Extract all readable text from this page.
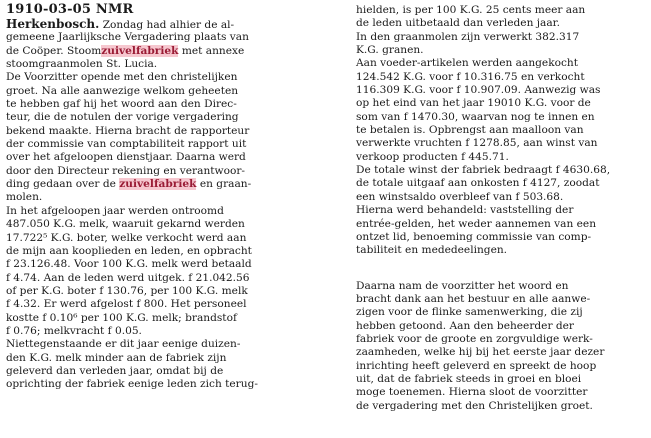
1910-03-05 NMR
Herkenbosch. Zondag had alhier de al-
gemeene Jaarlijksche Vergadering plaats van
de Coöper. Stoomzuivelfabriek met annexe
stoomgraanmolen St. Lucia.
De Voorzitter opende met den christelijken
groet. Na alle aanwezige welkom geheeten
te hebben gaf hij het woord aan den Direc-
teur, die de notulen der vorige vergadering
bekend maakte. Hierna bracht de rapporteur
der commissie van comptabiliteit rapport uit
over het afgeloopen dienstjaar. Daarna werd
door den Directeur rekening en verantwoor-
ding gedaan over de zuivelfabriek en graan-
molen.
In het afgeloopen jaar werden ontroomd
487.050 K.G. melk, waaruit gekarnd werden
17.722⁵ K.G. boter, welke verkocht werd aan
de mijn aan kooplieden en leden, en opbracht
f 23.126.48. Voor 100 K.G. melk werd betaald
f 4.74. Aan de leden werd uitgek. f 21.042.56
of per K.G. boter f 130.76, per 100 K.G. melk
f 4.32. Er werd afgelost f 800. Het personeel
kostte f 0.10⁶ per 100 K.G. melk; brandstof
f 0.76; melkvracht f 0.05.
Niettegenstaande er dit jaar eenige duizen-
den K.G. melk minder aan de fabriek zijn
geleverd dan verleden jaar, omdat bij de
oprichting der fabriek eenige leden zich terug-
hielden, is per 100 K.G. 25 cents meer aan
de leden uitbetaald dan verleden jaar.
In den graanmolen zijn verwerkt 382.317
K.G. granen.
Aan voeder-artikelen werden aangekocht
124.542 K.G. voor f 10.316.75 en verkocht
116.309 K.G. voor f 10.907.09. Aanwezig was
op het eind van het jaar 19010 K.G. voor de
som van f 1470.30, waarvan nog te innen en
te betalen is. Opbrengst aan maalloon van
verwerkte vruchten f 1278.85, aan winst van
verkoop producten f 445.71.
De totale winst der fabriek bedraagt f 4630.68,
de totale uitgaaf aan onkosten f 4127, zoodat
een winstsaldo overbleef van f 503.68.
Hierna werd behandeld: vaststelling der
entrée-gelden, het weder aannemen van een
ontzet lid, benoeming commissie van comp-
tabiliteit en mededeelingen.
Daarna nam de voorzitter het woord en
bracht dank aan het bestuur en alle aanwe-
zigen voor de flinke samenwerking, die zij
hebben getoond. Aan den beheerder der
fabriek voor de groote en zorgvuldige werk-
zaamheden, welke hij bij het eerste jaar dezer
inrichting heeft geleverd en spreekt de hoop
uit, dat de fabriek steeds in groei en bloei
moge toenemen. Hierna sloot de voorzitter
de vergadering met den Christelijken groet.
